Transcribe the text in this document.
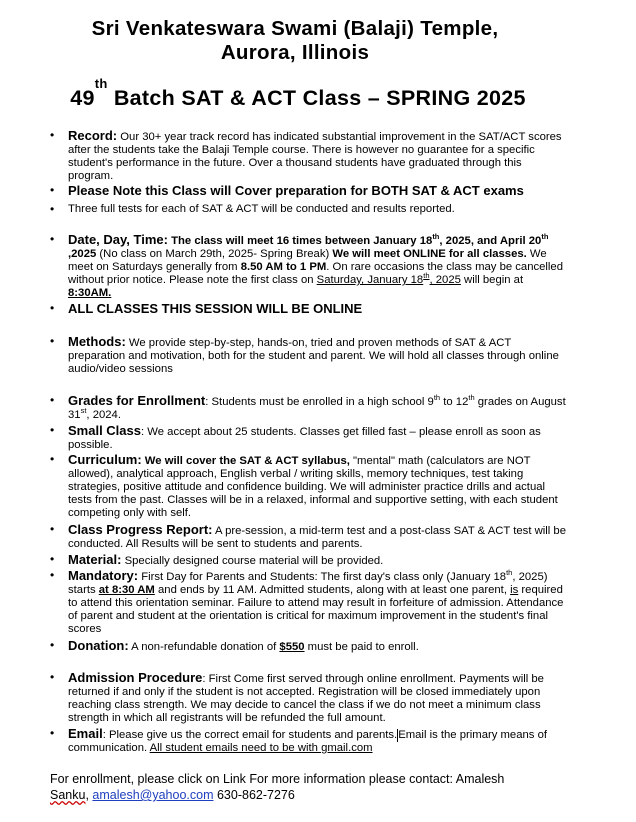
Sri Venkateswara Swami (Balaji) Temple,
Aurora, Illinois
49th Batch SAT & ACT Class – SPRING 2025
• Record: Our 30+ year track record has indicated substantial improvement in the SAT/ACT scores after the students take the Balaji Temple course. There is however no guarantee for a specific student's performance in the future. Over a thousand students have graduated through this program.
• Please Note this Class will Cover preparation for BOTH SAT & ACT exams
• Three full tests for each of SAT & ACT will be conducted and results reported.
• Date, Day, Time: The class will meet 16 times between January 18th, 2025, and April 20th ,2025 (No class on March 29th, 2025- Spring Break) We will meet ONLINE for all classes. We meet on Saturdays generally from 8.50 AM to 1 PM. On rare occasions the class may be cancelled without prior notice. Please note the first class on Saturday, January 18th, 2025 will begin at 8:30AM.
• ALL CLASSES THIS SESSION WILL BE ONLINE
• Methods: We provide step-by-step, hands-on, tried and proven methods of SAT & ACT preparation and motivation, both for the student and parent. We will hold all classes through online audio/video sessions
• Grades for Enrollment: Students must be enrolled in a high school 9th to 12th grades on August 31st, 2024.
• Small Class: We accept about 25 students. Classes get filled fast – please enroll as soon as possible.
• Curriculum: We will cover the SAT & ACT syllabus, "mental" math (calculators are NOT allowed), analytical approach, English verbal / writing skills, memory techniques, test taking strategies, positive attitude and confidence building. We will administer practice drills and actual tests from the past. Classes will be in a relaxed, informal and supportive setting, with each student competing only with self.
• Class Progress Report: A pre-session, a mid-term test and a post-class SAT & ACT test will be conducted. All Results will be sent to students and parents.
• Material: Specially designed course material will be provided.
• Mandatory: First Day for Parents and Students: The first day's class only (January 18th, 2025) starts at 8:30 AM and ends by 11 AM. Admitted students, along with at least one parent, is required to attend this orientation seminar. Failure to attend may result in forfeiture of admission. Attendance of parent and student at the orientation is critical for maximum improvement in the student's final scores
• Donation: A non-refundable donation of $550 must be paid to enroll.
• Admission Procedure: First Come first served through online enrollment. Payments will be returned if and only if the student is not accepted. Registration will be closed immediately upon reaching class strength. We may decide to cancel the class if we do not meet a minimum class strength in which all registrants will be refunded the full amount.
• Email: Please give us the correct email for students and parents.Email is the primary means of communication. All student emails need to be with gmail.com
For enrollment, please click on Link For more information please contact: Amalesh
Sanku, amalesh@yahoo.com 630-862-7276
